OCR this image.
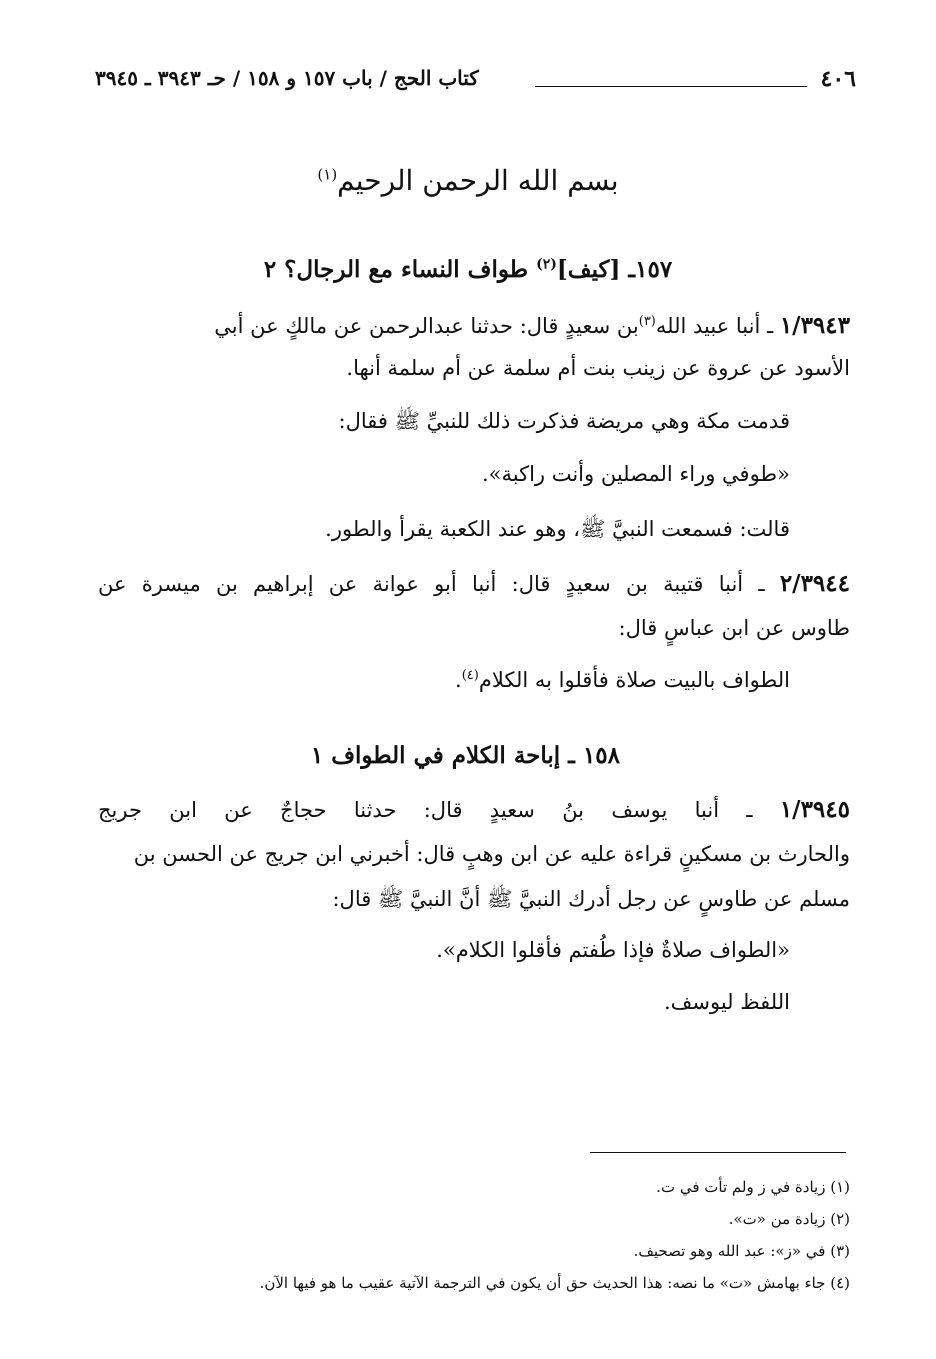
٤٠٦
كتاب الحج / باب ١٥٧ و ١٥٨ / حـ ٣٩٤٣ ـ ٣٩٤٥
بسم الله الرحمن الرحيم$^{(١)}$
١٥٧ـ [كيف]$^{(٢)}$ طواف النساء مع الرجال؟ ٢
١/٣٩٤٣ ـ أنبا عبيد الله$^{(٣)}$بن سعيدٍ قال: حدثنا عبدالرحمن عن مالكٍ عن أبي
الأسود عن عروة عن زينب بنت أم سلمة عن أم سلمة أنها.
قدمت مكة وهي مريضة فذكرت ذلك للنبيِّ ﷺ فقال:
«طوفي وراء المصلين وأنت راكبة».
قالت: فسمعت النبيَّ ﷺ، وهو عند الكعبة يقرأ والطور.
٢/٣٩٤٤ ـ أنبا قتيبة بن سعيدٍ قال: أنبا أبو عوانة عن إبراهيم بن ميسرة عن
طاوس عن ابن عباسٍ قال:
الطواف بالبيت صلاة فأقلوا به الكلام$^{(٤)}$.
١٥٨ ـ إباحة الكلام في الطواف ١
١/٣٩٤٥ ـ أنبا يوسف بنُ سعيدٍ قال: حدثنا حجاجٌ عن ابن جريج
والحارث بن مسكينٍ قراءة عليه عن ابن وهبٍ قال: أخبرني ابن جريج عن الحسن بن
مسلم عن طاوسٍ عن رجل أدرك النبيَّ ﷺ أنَّ النبيَّ ﷺ قال:
«الطواف صلاةٌ فإذا طُفتم فأقلوا الكلام».
اللفظ ليوسف.
(١) زيادة في ز ولم تأت في ت.
(٢) زيادة من «ت».
(٣) في «ز»: عبد الله وهو تصحيف.
(٤) جاء بهامش «ت» ما نصه: هذا الحديث حق أن يكون في الترجمة الآتية عقيب ما هو فيها الآن.
